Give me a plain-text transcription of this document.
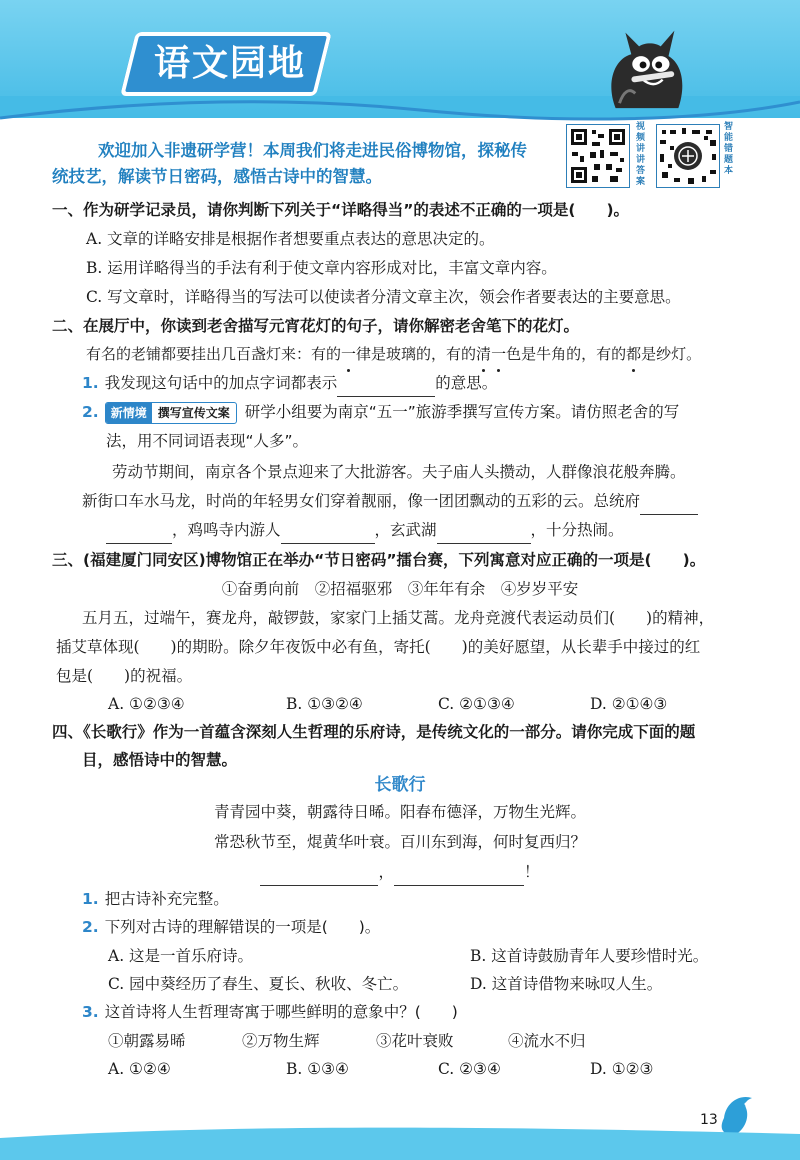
语文园地
视频讲讲答案
智能错题本
欢迎加入非遗研学营！本周我们将走进民俗博物馆，探秘传
统技艺，解读节日密码，感悟古诗中的智慧。
一、作为研学记录员，请你判断下列关于“详略得当”的表述不正确的一项是(　　)。
A. 文章的详略安排是根据作者想要重点表达的意思决定的。
B. 运用详略得当的手法有利于使文章内容形成对比，丰富文章内容。
C. 写文章时，详略得当的写法可以使读者分清文章主次，领会作者要表达的主要意思。
二、在展厅中，你读到老舍描写元宵花灯的句子，请你解密老舍笔下的花灯。
有名的老铺都要挂出几百盏灯来：有的一律是玻璃的，有的清一色是牛角的，有的都是纱灯。
1. 我发现这句话中的加点字词都表示	的意思。
2. 新情境 撰写宣传文案 研学小组要为南京“五一”旅游季撰写宣传方案。请仿照老舍的写
法，用不同词语表现“人多”。
劳动节期间，南京各个景点迎来了大批游客。夫子庙人头攒动，人群像浪花般奔腾。
新街口车水马龙，时尚的年轻男女们穿着靓丽，像一团团飘动的五彩的云。总统府
，鸡鸣寺内游人	，玄武湖	，十分热闹。
三、(福建厦门同安区)博物馆正在举办“节日密码”擂台赛，下列寓意对应正确的一项是(　　)。
①奋勇向前　②招福驱邪　③年年有余　④岁岁平安
五月五，过端午，赛龙舟，敲锣鼓，家家门上插艾蒿。龙舟竞渡代表运动员们(　　)的精神，
插艾草体现(　　)的期盼。除夕年夜饭中必有鱼，寄托(　　)的美好愿望，从长辈手中接过的红
包是(　　)的祝福。
A. ①②③④	B. ①③②④	C. ②①③④	D. ②①④③
四、《长歌行》作为一首蕴含深刻人生哲理的乐府诗，是传统文化的一部分。请你完成下面的题
目，感悟诗中的智慧。
长歌行
青青园中葵，朝露待日晞。阳春布德泽，万物生光辉。
常恐秋节至，焜黄华叶衰。百川东到海，何时复西归？
，	！
1. 把古诗补充完整。
2. 下列对古诗的理解错误的一项是(　　)。
A. 这是一首乐府诗。	B. 这首诗鼓励青年人要珍惜时光。
C. 园中葵经历了春生、夏长、秋收、冬亡。	D. 这首诗借物来咏叹人生。
3. 这首诗将人生哲理寄寓于哪些鲜明的意象中？(　　)
①朝露易晞	②万物生辉	③花叶衰败	④流水不归
A. ①②④	B. ①③④	C. ②③④	D. ①②③
13
